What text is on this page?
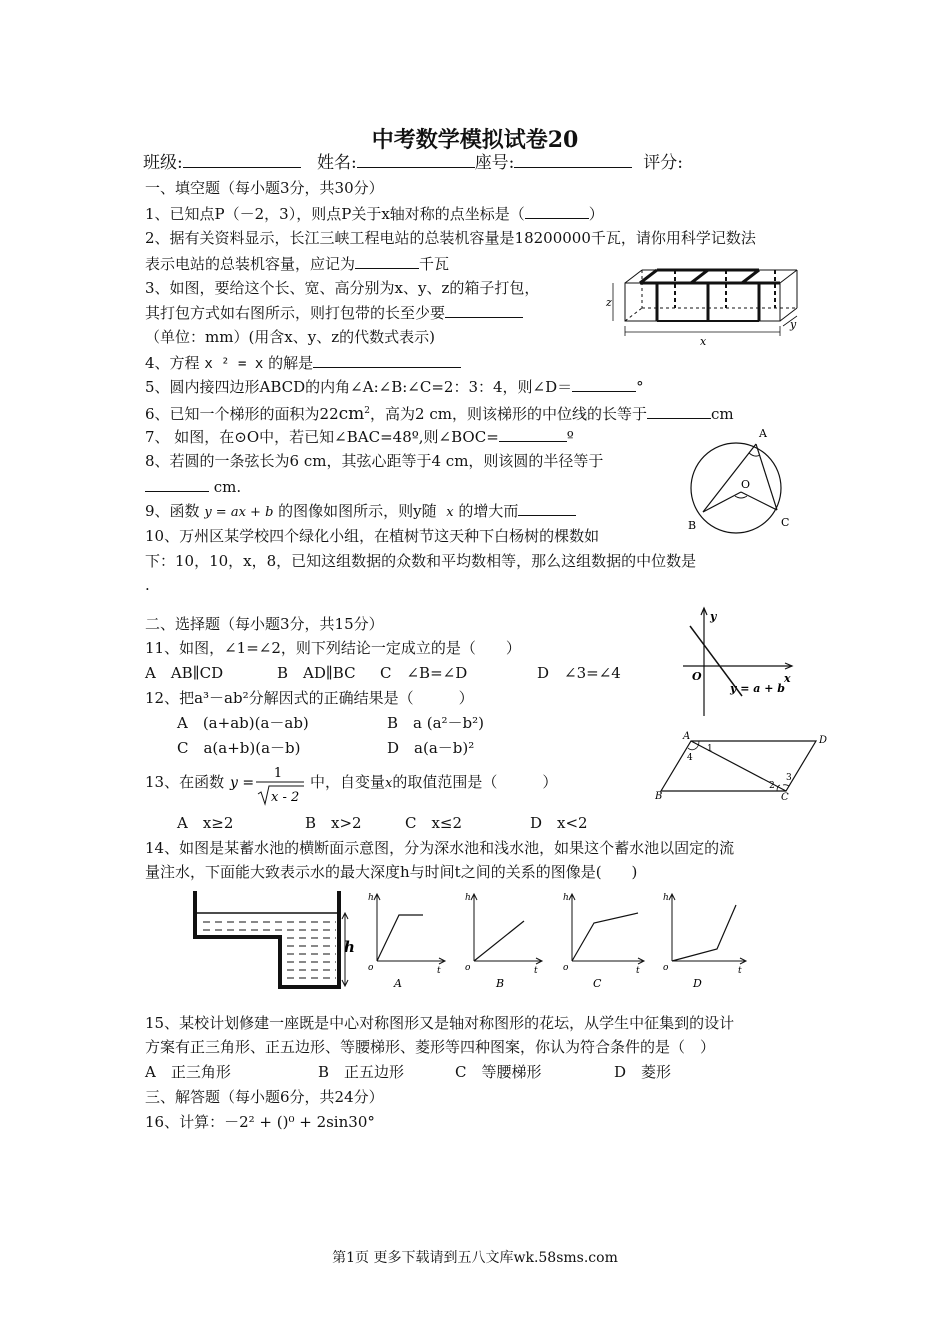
中考数学模拟试卷20
班级:	姓名:	座号:	评分:
一、填空题（每小题3分，共30分）
1、已知点P（－2，3），则点P关于x轴对称的点坐标是（	）
2、据有关资料显示，长江三峡工程电站的总装机容量是18200000千瓦，请你用科学记数法
表示电站的总装机容量，应记为	千瓦
3、如图，要给这个长、宽、高分别为x、y、z的箱子打包，
其打包方式如右图所示，则打包带的长至少要
（单位：mm）(用含x、y、z的代数式表示)
4、方程 x ² = x 的解是
5、圆内接四边形ABCD的内角∠A:∠B:∠C=2：3：4，则∠D＝	°
6、已知一个梯形的面积为$22cm^2$，高为2 cm，则该梯形的中位线的长等于	cm
7、 如图，在⊙O中，若已知∠BAC=48º,则∠BOC=	º
8、若圆的一条弦长为6 cm，其弦心距等于4 cm，则该圆的半径等于
cm.
9、函数 y = ax + b 的图像如图所示，则y随 x 的增大而
10、万州区某学校四个绿化小组，在植树节这天种下白杨树的棵数如
下：10，10，x，8，已知这组数据的众数和平均数相等，那么这组数据的中位数是
.
二、选择题（每小题3分，共15分）
11、如图，∠1=∠2，则下列结论一定成立的是（　　）
A　AB∥CD	B　AD∥BC C　∠B=∠D	D　∠3=∠4
12、把a³－ab²分解因式的正确结果是（　　　）
A　(a+ab)(a－ab)	B　a (a²－b²)
C　a(a+b)(a－b)	D　a(a－b)²
13、在函数 y =
1
x - 2
中，自变量x的取值范围是（　　　）
A　x≥2	B　x>2	C　x≤2	D　x<2
14、如图是某蓄水池的横断面示意图，分为深水池和浅水池，如果这个蓄水池以固定的流
量注水，下面能大致表示水的最大深度h与时间t之间的关系的图像是(　　)
15、某校计划修建一座既是中心对称图形又是轴对称图形的花坛，从学生中征集到的设计
方案有正三角形、正五边形、等腰梯形、菱形等四种图案，你认为符合条件的是（　）
A　正三角形	B　正五边形	C　等腰梯形	D　菱形
三、解答题（每小题6分，共24分）
16、计算：－2² + ()⁰ + 2sin30°
z
x
y
A
B	C
O
y
x
O
y = a + b
A	D
B	C
1
4
2
3
h
h
o	t
A
h
o	t
B
h
o	t
C
h
o	t
D
第1页 更多下载请到五八文库wk.58sms.com
